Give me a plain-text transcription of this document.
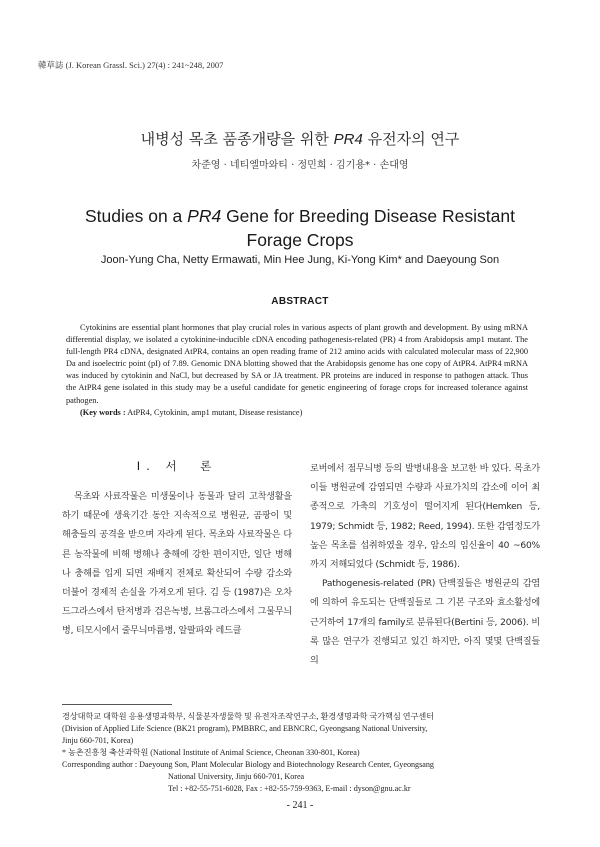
韓草誌 (J. Korean Grassl. Sci.) 27(4) : 241~248, 2007
내병성 목초 품종개량을 위한 PR4 유전자의 연구
차준영 · 네티엘마와티 · 정민희 · 김기용* · 손대영
Studies on a PR4 Gene for Breeding Disease Resistant
Forage Crops
Joon-Yung Cha, Netty Ermawati, Min Hee Jung, Ki-Yong Kim* and Daeyoung Son
ABSTRACT

Cytokinins are essential plant hormones that play crucial roles in various aspects of plant growth and development. By using mRNA differential display, we isolated a cytokinine-inducible cDNA encoding pathogenesis-related (PR) 4 from Arabidopsis amp1 mutant. The full-length PR4 cDNA, designated AtPR4, contains an open reading frame of 212 amino acids with calculated molecular mass of 22,900 Da and isoelectric point (pI) of 7.89. Genomic DNA blotting showed that the Arabidopsis genome has one copy of AtPR4. AtPR4 mRNA was induced by cytokinin and NaCl, but decreased by SA or JA treatment. PR proteins are induced in response to pathogen attack. Thus the AtPR4 gene isolated in this study may be a useful candidate for genetic engineering of forage crops for increased tolerance against pathogen.

(Key words : AtPR4, Cytokinin, amp1 mutant, Disease resistance)

I. 서　론

목초와 사료작물은 미생물이나 동물과 달리 고착생활을 하기 때문에 생육기간 동안 지속적으로 병원균, 곰팡이 및 해충들의 공격을 받으며 자라게 된다. 목초와 사료작물은 다른 농작물에 비해 병해나 충해에 강한 편이지만, 일단 병해나 충해를 입게 되면 재배지 전체로 확산되어 수량 감소와 더불어 경제적 손실을 가져오게 된다. 김 등 (1987)은 오차드그라스에서 탄저병과 검은녹병, 브롬그라스에서 그물무늬병, 티모시에서 줄무늬마름병, 알팔파와 레드클

로버에서 점무늬병 등의 발병내용을 보고한 바 있다. 목초가 이들 병원균에 감염되면 수량과 사료가치의 감소에 이어 최종적으로 가축의 기호성이 떨어지게 된다(Hemken 등, 1979; Schmidt 등, 1982; Reed, 1994). 또한 감염정도가 높은 목초를 섭취하였을 경우, 암소의 임신율이 40 ~60%까지 저해되었다 (Schmidt 등, 1986).

Pathogenesis-related (PR) 단백질들은 병원균의 감염에 의하여 유도되는 단백질들로 그 기본 구조와 효소활성에 근거하여 17개의 family로 분류된다(Bertini 등, 2006). 비록 많은 연구가 진행되고 있긴 하지만, 아직 몇몇 단백질들의

경상대학교 대학원 응용생명과학부, 식물분자생물학 및 유전자조작연구소, 환경생명과학 국가핵심 연구센터
(Division of Applied Life Science (BK21 program), PMBBRC, and EBNCRC, Gyeongsang National University,
Jinju 660-701, Korea)
* 농촌진흥청 축산과학원 (National Institute of Animal Science, Cheonan 330-801, Korea)
Corresponding author : Daeyoung Son, Plant Molecular Biology and Biotechnology Research Center, Gyeongsang
National University, Jinju 660-701, Korea
Tel : +82-55-751-6028, Fax : +82-55-759-9363, E-mail : dyson@gnu.ac.kr
- 241 -
